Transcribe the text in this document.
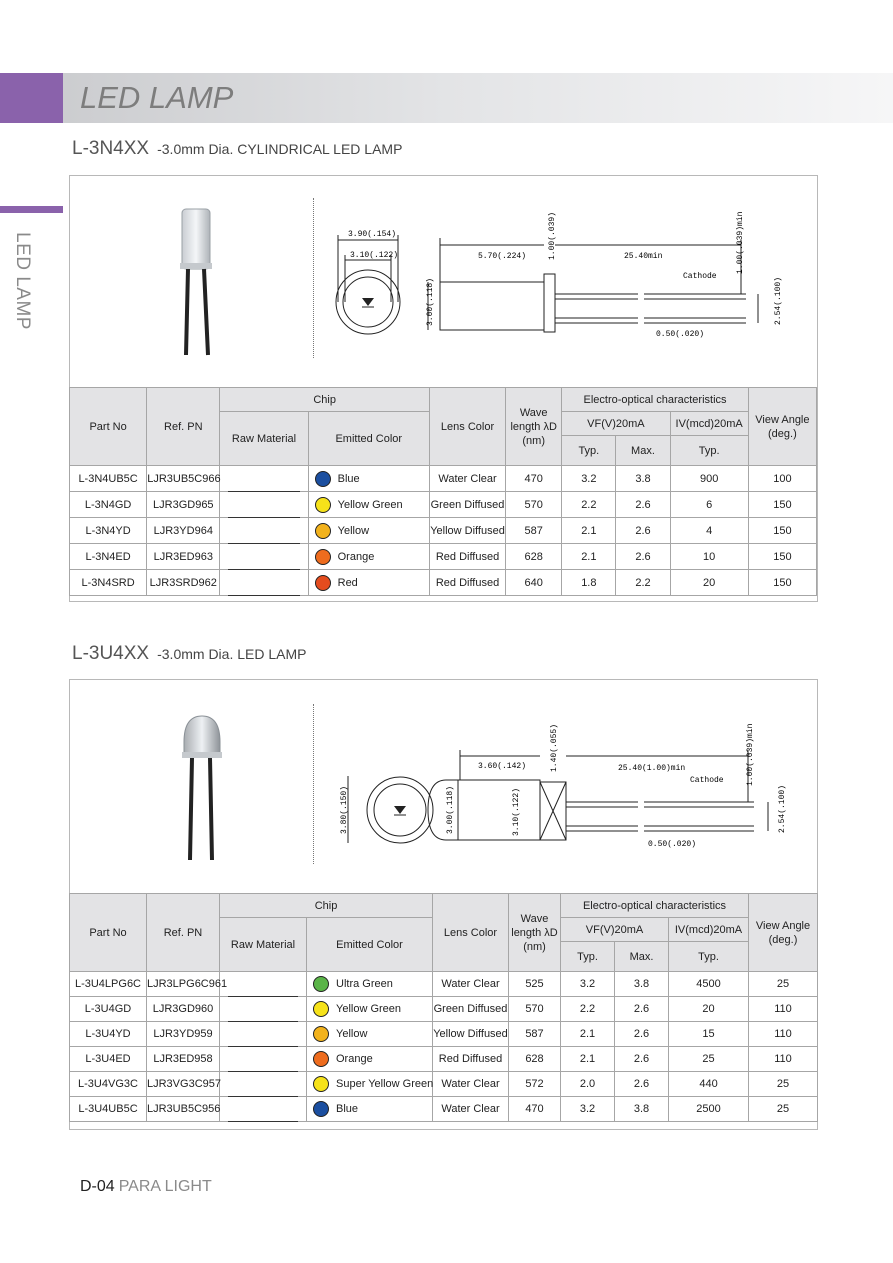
LED LAMP
LED LAMP
L-3N4XX -3.0mm Dia. CYLINDRICAL LED LAMP
3.90(.154)
3.10(.122)	5.70(.224)	25.40min
Cathode
0.50(.020)
1.00(.039)	1.00(.039)min
3.00(.118)	2.54(.100)
Part No	Ref. PN	Chip		Lens Color	Wave length λD (nm)	Electro-optical characteristics			View Angle (deg.)
		Raw Material	Emitted Color			VF(V)20mA		IV(mcd)20mA	
						Typ.	Max.	Typ.	
L-3N4UB5C	LJR3UB5C966		Blue	Water Clear	470	3.2	3.8	900	100
L-3N4GD	LJR3GD965		Yellow Green	Green Diffused	570	2.2	2.6	6	150
L-3N4YD	LJR3YD964		Yellow	Yellow Diffused	587	2.1	2.6	4	150
L-3N4ED	LJR3ED963		Orange	Red Diffused	628	2.1	2.6	10	150
L-3N4SRD	LJR3SRD962		Red	Red Diffused	640	1.8	2.2	20	150
L-3U4XX -3.0mm Dia. LED LAMP
3.60(.142)	25.40(1.00)min
Cathode
0.50(.020)
1.40(.055)	1.00(.039)min
3.80(.150)	3.00(.118)	3.10(.122)	2.54(.100)
Part No	Ref. PN	Chip		Lens Color	Wave length λD (nm)	Electro-optical characteristics			View Angle (deg.)
		Raw Material	Emitted Color			VF(V)20mA		IV(mcd)20mA	
						Typ.	Max.	Typ.	
L-3U4LPG6C	LJR3LPG6C961		Ultra Green	Water Clear	525	3.2	3.8	4500	25
L-3U4GD	LJR3GD960		Yellow Green	Green Diffused	570	2.2	2.6	20	110
L-3U4YD	LJR3YD959		Yellow	Yellow Diffused	587	2.1	2.6	15	110
L-3U4ED	LJR3ED958		Orange	Red Diffused	628	2.1	2.6	25	110
L-3U4VG3C	LJR3VG3C957		Super Yellow Green	Water Clear	572	2.0	2.6	440	25
L-3U4UB5C	LJR3UB5C956		Blue	Water Clear	470	3.2	3.8	2500	25
D-04 PARA LIGHT
